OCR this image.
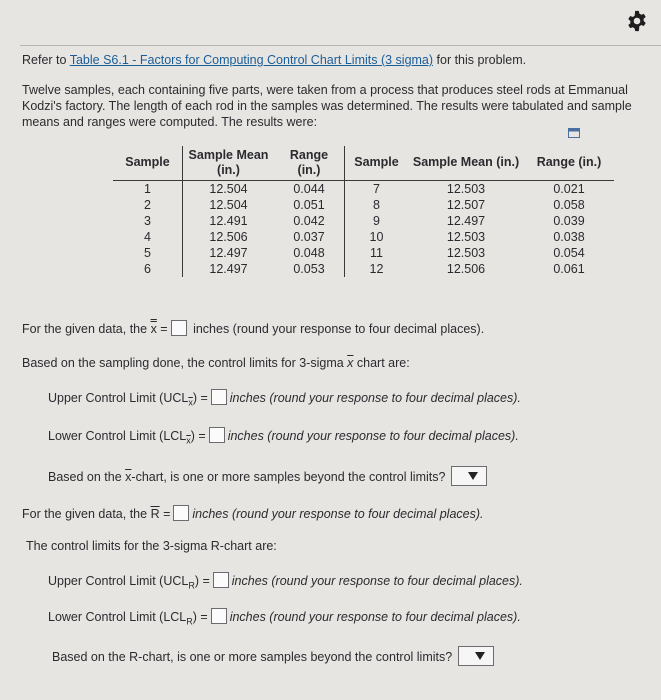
Refer to Table S6.1 - Factors for Computing Control Chart Limits (3 sigma) for this problem.

Twelve samples, each containing five parts, were taken from a process that produces steel rods at Emmanual Kodzi's factory. The length of each rod in the samples was determined. The results were tabulated and sample means and ranges were computed. The results were:

Sample	Sample Mean (in.)	Range (in.)	Sample	Sample Mean (in.)	Range (in.)
1	12.504	0.044	7	12.503	0.021
2	12.504	0.051	8	12.507	0.058
3	12.491	0.042	9	12.497	0.039
4	12.506	0.037	10	12.503	0.038
5	12.497	0.048	11	12.503	0.054
6	12.497	0.053	12	12.506	0.061
For the given data, the x = inches (round your response to four decimal places).
Based on the sampling done, the control limits for 3-sigma $\overline{x}$ chart are:
Upper Control Limit $(UCL_{\overline{x}})$ = inches (round your response to four decimal places).
Lower Control Limit $(LCL_{\overline{x}})$ = inches (round your response to four decimal places).
Based on the $\overline{x}$-chart, is one or more samples beyond the control limits?
For the given data, the $\overline{R}$ = inches (round your response to four decimal places).
The control limits for the 3-sigma R-chart are:
Upper Control Limit $(UCL_R)$ = inches (round your response to four decimal places).
Lower Control Limit $(LCL_R)$ = inches (round your response to four decimal places).
Based on the R-chart, is one or more samples beyond the control limits?
